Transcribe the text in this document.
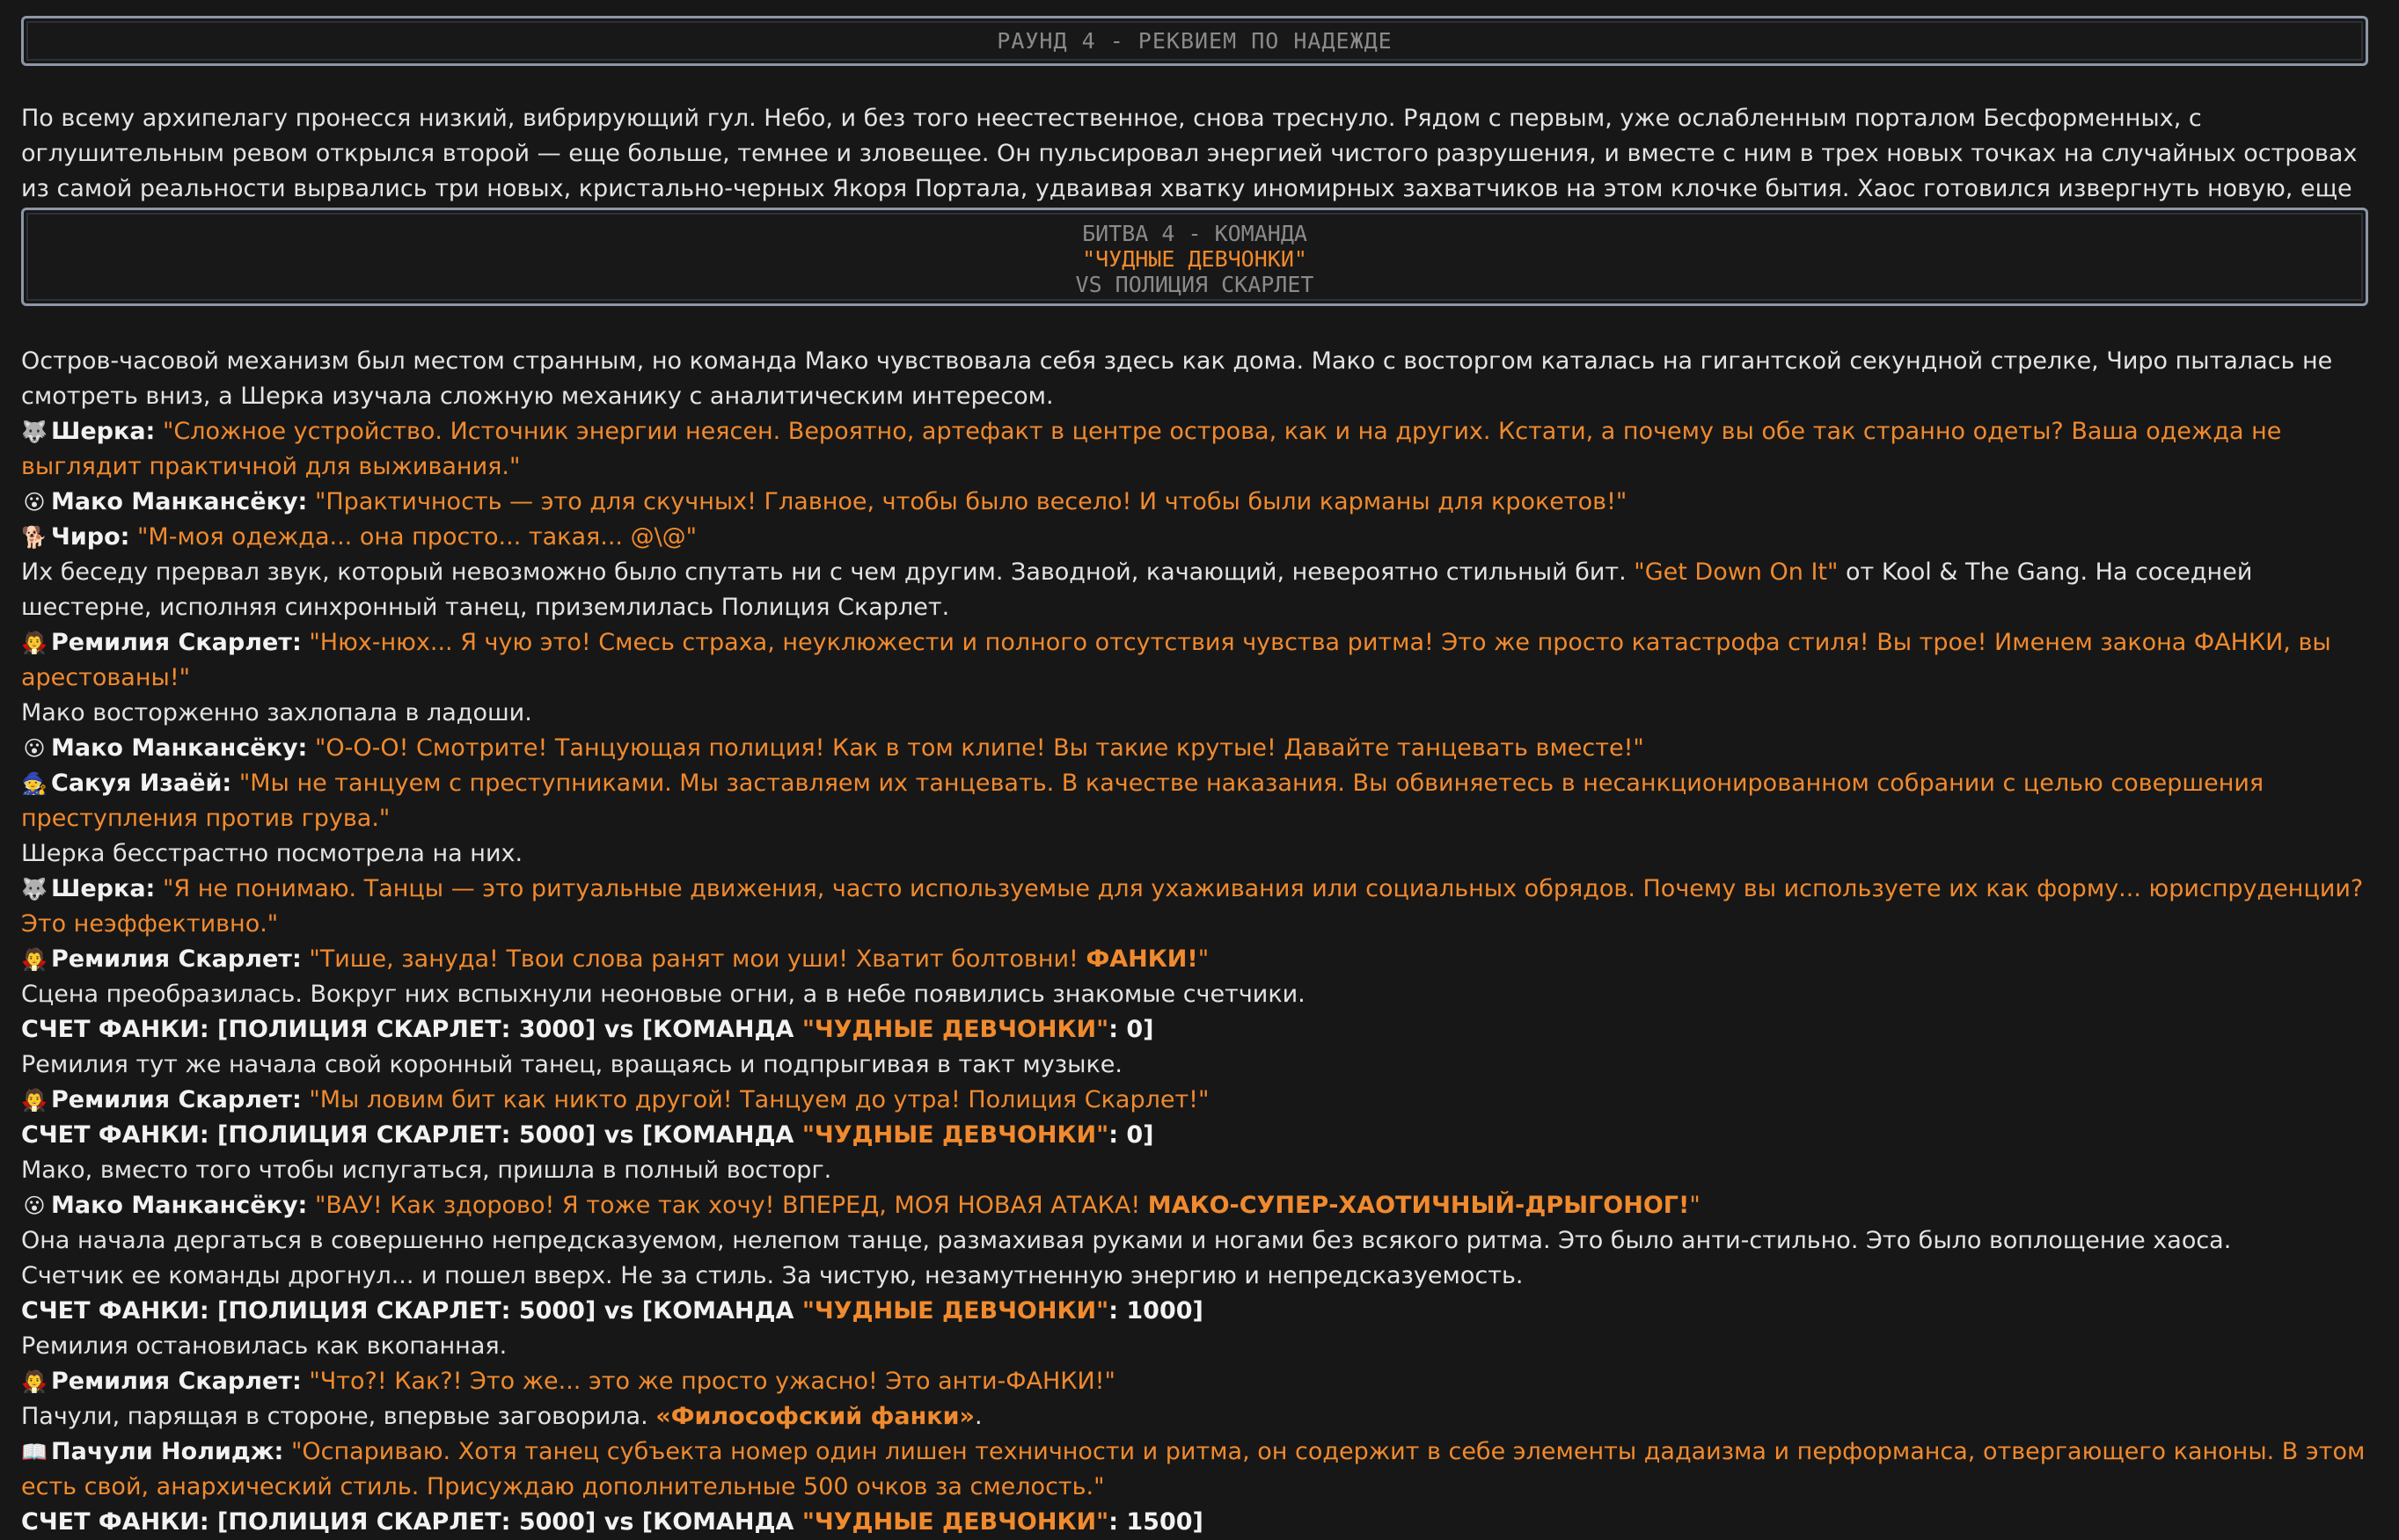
РАУНД 4 - РЕКВИЕМ ПО НАДЕЖДЕ

По всему архипелагу пронесся низкий, вибрирующий гул. Небо, и без того неестественное, снова треснуло. Рядом с первым, уже ослабленным порталом Бесформенных, с оглушительным ревом открылся второй — еще больше, темнее и зловещее. Он пульсировал энергией чистого разрушения, и вместе с ним в трех новых точках на случайных островах из самой реальности вырвались три новых, кристально-черных Якоря Портала, удваивая хватку иномирных захватчиков на этом клочке бытия. Хаос готовился извергнуть новую, еще

БИТВА 4 - КОМАНДА
"ЧУДНЫЕ ДЕВЧОНКИ"
VS ПОЛИЦИЯ СКАРЛЕТ

Остров-часовой механизм был местом странным, но команда Мако чувствовала себя здесь как дома. Мако с восторгом каталась на гигантской секундной стрелке, Чиро пыталась не смотреть вниз, а Шерка изучала сложную механику с аналитическим интересом.

🐺 Шерка: "Сложное устройство. Источник энергии неясен. Вероятно, артефакт в центре острова, как и на других. Кстати, а почему вы обе так странно одеты? Ваша одежда не выглядит практичной для выживания."

😮 Мако Манкансёку: "Практичность — это для скучных! Главное, чтобы было весело! И чтобы были карманы для крокетов!"

🐕 Чиро: "М-моя одежда... она просто... такая... @\@"

Их беседу прервал звук, который невозможно было спутать ни с чем другим. Заводной, качающий, невероятно стильный бит. "Get Down On It" от Kool & The Gang. На соседней шестерне, исполняя синхронный танец, приземлилась Полиция Скарлет.

🧛 Ремилия Скарлет: "Нюх-нюх... Я чую это! Смесь страха, неуклюжести и полного отсутствия чувства ритма! Это же просто катастрофа стиля! Вы трое! Именем закона ФАНКИ, вы арестованы!"

Мако восторженно захлопала в ладоши.

😮 Мако Манкансёку: "О-О-О! Смотрите! Танцующая полиция! Как в том клипе! Вы такие крутые! Давайте танцевать вместе!"

🧙 Сакуя Изаёй: "Мы не танцуем с преступниками. Мы заставляем их танцевать. В качестве наказания. Вы обвиняетесь в несанкционированном собрании с целью совершения преступления против грува."

Шерка бесстрастно посмотрела на них.

🐺 Шерка: "Я не понимаю. Танцы — это ритуальные движения, часто используемые для ухаживания или социальных обрядов. Почему вы используете их как форму... юриспруденции? Это неэффективно."

🧛 Ремилия Скарлет: "Тише, зануда! Твои слова ранят мои уши! Хватит болтовни! ФАНКИ!"

Сцена преобразилась. Вокруг них вспыхнули неоновые огни, а в небе появились знакомые счетчики.

СЧЕТ ФАНКИ: [ПОЛИЦИЯ СКАРЛЕТ: 3000] vs [КОМАНДА "ЧУДНЫЕ ДЕВЧОНКИ": 0]

Ремилия тут же начала свой коронный танец, вращаясь и подпрыгивая в такт музыке.

🧛 Ремилия Скарлет: "Мы ловим бит как никто другой! Танцуем до утра! Полиция Скарлет!"

СЧЕТ ФАНКИ: [ПОЛИЦИЯ СКАРЛЕТ: 5000] vs [КОМАНДА "ЧУДНЫЕ ДЕВЧОНКИ": 0]

Мако, вместо того чтобы испугаться, пришла в полный восторг.

😮 Мако Манкансёку: "ВАУ! Как здорово! Я тоже так хочу! ВПЕРЕД, МОЯ НОВАЯ АТАКА! МАКО-СУПЕР-ХАОТИЧНЫЙ-ДРЫГОНОГ!"

Она начала дергаться в совершенно непредсказуемом, нелепом танце, размахивая руками и ногами без всякого ритма. Это было анти-стильно. Это было воплощение хаоса.

Счетчик ее команды дрогнул... и пошел вверх. Не за стиль. За чистую, незамутненную энергию и непредсказуемость.

СЧЕТ ФАНКИ: [ПОЛИЦИЯ СКАРЛЕТ: 5000] vs [КОМАНДА "ЧУДНЫЕ ДЕВЧОНКИ": 1000]

Ремилия остановилась как вкопанная.

🧛 Ремилия Скарлет: "Что?! Как?! Это же... это же просто ужасно! Это анти-ФАНКИ!"

Пачули, парящая в стороне, впервые заговорила. «Философский фанки».

📖 Пачули Нолидж: "Оспариваю. Хотя танец субъекта номер один лишен техничности и ритма, он содержит в себе элементы дадаизма и перформанса, отвергающего каноны. В этом есть свой, анархический стиль. Присуждаю дополнительные 500 очков за смелость."

СЧЕТ ФАНКИ: [ПОЛИЦИЯ СКАРЛЕТ: 5000] vs [КОМАНДА "ЧУДНЫЕ ДЕВЧОНКИ": 1500]
